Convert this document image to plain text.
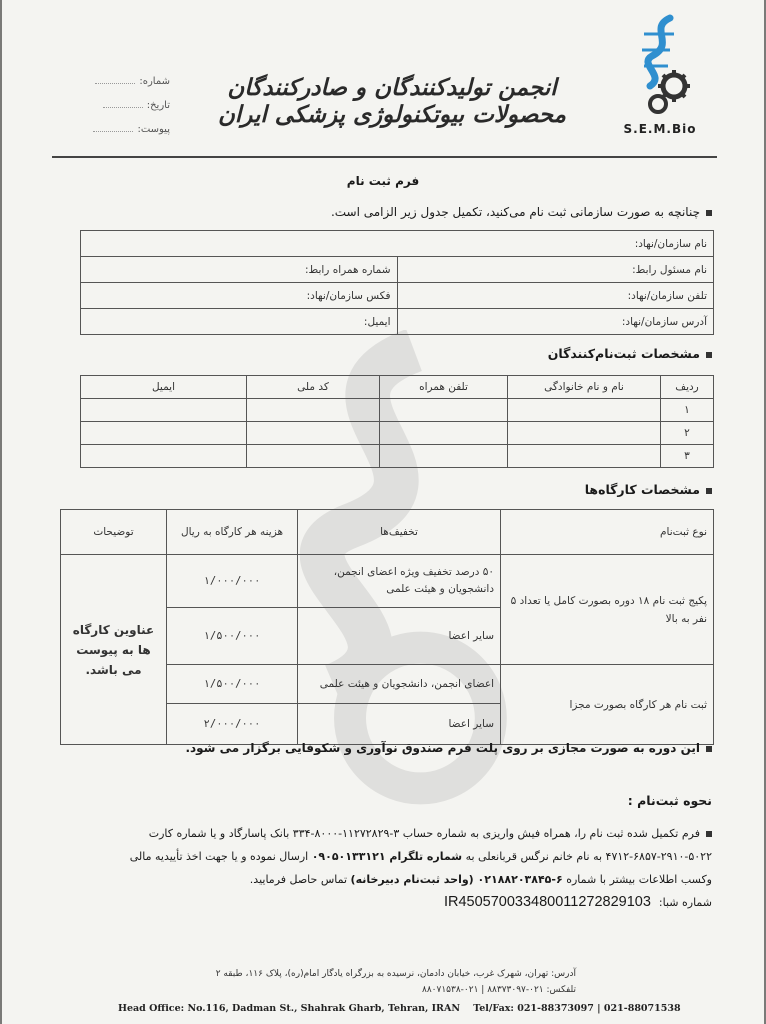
S.E.M.Bio
انجمن تولیدکنندگان و صادرکنندگان محصولات بیوتکنولوژی پزشکی ایران
شماره:
تاریخ:
پیوست:
فرم ثبت نام
چنانچه به صورت سازمانی ثبت نام می‌کنید، تکمیل جدول زیر الزامی است.
نام سازمان/نهاد:	
نام مسئول رابط:	شماره همراه رابط:
تلفن سازمان/نهاد:	فکس سازمان/نهاد:
آدرس سازمان/نهاد:	ایمیل:
مشخصات ثبت‌نام‌کنندگان
ردیف	نام و نام خانوادگی	تلفن همراه	کد ملی	ایمیل
۱				
۲				
۳				
مشخصات کارگاه‌ها
نوع ثبت‌نام	تخفیف‌ها	هزینه هر کارگاه به ریال	توضیحات
پکیج ثبت نام ۱۸ دوره بصورت کامل یا تعداد ۵ نفر به بالا	۵۰ درصد تخفیف ویژه اعضای انجمن، دانشجویان و هیئت علمی	۱/۰۰۰/۰۰۰	عناوین کارگاه ها به پیوست می باشد.
	سایر اعضا	۱/۵۰۰/۰۰۰	
ثبت نام هر کارگاه بصورت مجزا	اعضای انجمن، دانشجویان و هیئت علمی	۱/۵۰۰/۰۰۰	
	سایر اعضا	۲/۰۰۰/۰۰۰	
این دوره به صورت مجازی بر روی پلت فرم صندوق نوآوری و شکوفایی برگزار می شود.
نحوه ثبت‌نام :
فرم تکمیل شده ثبت نام را، همراه فیش واریزی به شماره حساب ۳-۱۱۲۷۲۸۲۹-۸۰۰۰-۳۳۴ بانک پاسارگاد و یا شماره کارت
۴۷۱۲-۶۸۵۷-۲۹۱۰-۵۰۲۲ به نام خانم نرگس قربانعلی به شماره تلگرام ۰۹۰۵۰۱۳۳۱۲۱ ارسال نموده و یا جهت اخذ تأییدیه مالی
وکسب اطلاعات بیشتر با شماره ۶-۰۲۱۸۸۲۰۳۸۴۵ (واحد ثبت‌نام دبیرخانه) تماس حاصل فرمایید.
شماره شبا:IR450570033480011272829103
آدرس: تهران، شهرک غرب، خیابان دادمان، نرسیده به بزرگراه یادگار امام(ره)، پلاک ۱۱۶، طبقه ۲
تلفکس: ۰۲۱-۸۸۳۷۳۰۹۷ | ۰۲۱-۸۸۰۷۱۵۳۸
Head Office: No.116, Dadman St., Shahrak Gharb, Tehran, IRAN Tel/Fax: 021-88373097 | 021-88071538
